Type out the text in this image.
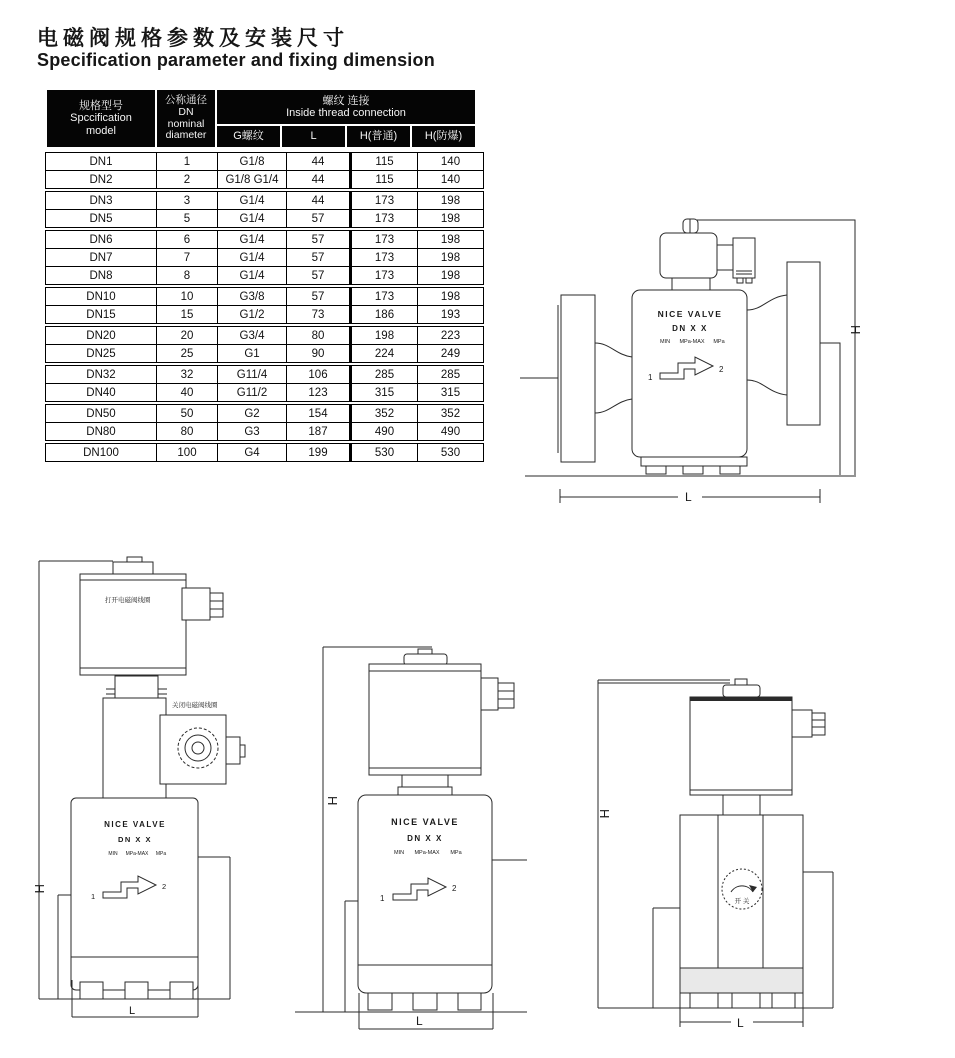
电磁阀规格参数及安装尺寸
Specification parameter and fixing dimension
规格型号
Spccification
model

公称通径
DN
nominal
diameter

螺纹 连接
Inside thread connection

		G螺纹	L	H(普通)	H(防爆)
DN1	1	G1/8	44	115	140
DN2	2	G1/8 G1/4	44	115	140
DN3	3	G1/4	44	173	198
DN5	5	G1/4	57	173	198
DN6	6	G1/4	57	173	198
DN7	7	G1/4	57	173	198
DN8	8	G1/4	57	173	198
DN10	10	G3/8	57	173	198
DN15	15	G1/2	73	186	193
DN20	20	G3/4	80	198	223
DN25	25	G1	90	224	249
DN32	32	G11/4	106	285	285
DN40	40	G11/2	123	315	315
DN50	50	G2	154	352	352
DN80	80	G3	187	490	490
DN100	100	G4	199	530	530
H
L
NICE VALVE
DN X X
MIN MPa-MAX MPa
1
2
H
打开电磁阀线圈
关闭电磁阀线圈
NICE VALVE
DN X X
MIN MPa-MAX MPa
1
2
L
H
NICE VALVE
DN X X
MIN MPa-MAX MPa
1
2
L
H
开 关
L
